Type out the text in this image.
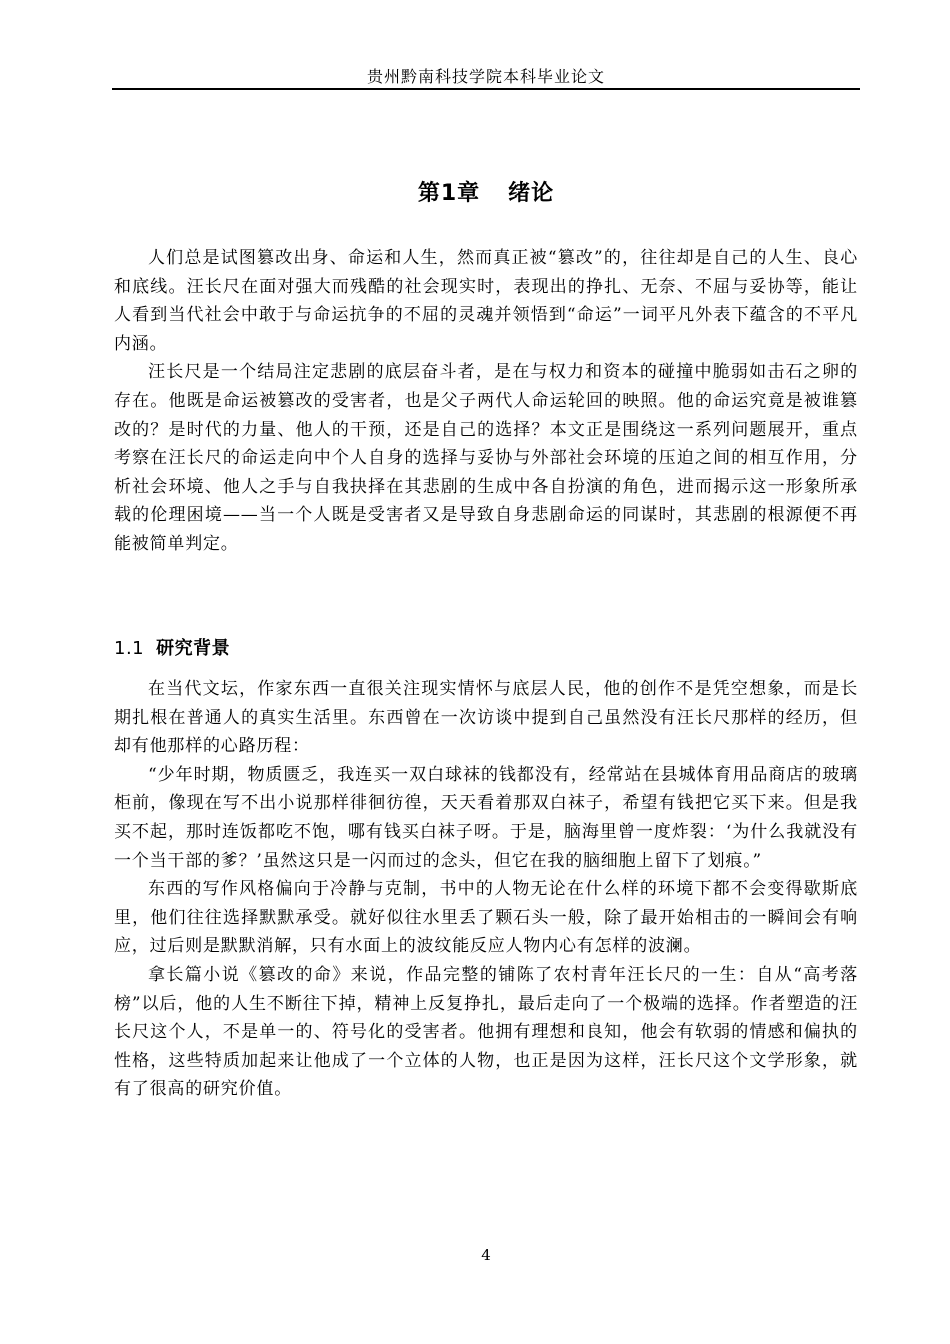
贵州黔南科技学院本科毕业论文
第1章 绪论

人们总是试图篡改出身、命运和人生，然而真正被“篡改”的，往往却是自己的人生、良心和底线。汪长尺在面对强大而残酷的社会现实时，表现出的挣扎、无奈、不屈与妥协等，能让人看到当代社会中敢于与命运抗争的不屈的灵魂并领悟到“命运”一词平凡外表下蕴含的不平凡内涵。

汪长尺是一个结局注定悲剧的底层奋斗者，是在与权力和资本的碰撞中脆弱如击石之卵的存在。他既是命运被篡改的受害者，也是父子两代人命运轮回的映照。他的命运究竟是被谁篡改的？是时代的力量、他人的干预，还是自己的选择？本文正是围绕这一系列问题展开，重点考察在汪长尺的命运走向中个人自身的选择与妥协与外部社会环境的压迫之间的相互作用，分析社会环境、他人之手与自我抉择在其悲剧的生成中各自扮演的角色，进而揭示这一形象所承载的伦理困境——当一个人既是受害者又是导致自身悲剧命运的同谋时，其悲剧的根源便不再能被简单判定。

1.1 研究背景

在当代文坛，作家东西一直很关注现实情怀与底层人民，他的创作不是凭空想象，而是长期扎根在普通人的真实生活里。东西曾在一次访谈中提到自己虽然没有汪长尺那样的经历，但却有他那样的心路历程：

“少年时期，物质匮乏，我连买一双白球袜的钱都没有，经常站在县城体育用品商店的玻璃柜前，像现在写不出小说那样徘徊彷徨，天天看着那双白袜子，希望有钱把它买下来。但是我买不起，那时连饭都吃不饱，哪有钱买白袜子呀。于是，脑海里曾一度炸裂：‘为什么我就没有一个当干部的爹？’虽然这只是一闪而过的念头，但它在我的脑细胞上留下了划痕。”

东西的写作风格偏向于冷静与克制，书中的人物无论在什么样的环境下都不会变得歇斯底里，他们往往选择默默承受。就好似往水里丢了颗石头一般，除了最开始相击的一瞬间会有响应，过后则是默默消解，只有水面上的波纹能反应人物内心有怎样的波澜。

拿长篇小说《篡改的命》来说，作品完整的铺陈了农村青年汪长尺的一生：自从“高考落榜”以后，他的人生不断往下掉，精神上反复挣扎，最后走向了一个极端的选择。作者塑造的汪长尺这个人，不是单一的、符号化的受害者。他拥有理想和良知，他会有软弱的情感和偏执的性格，这些特质加起来让他成了一个立体的人物，也正是因为这样，汪长尺这个文学形象，就有了很高的研究价值。

4
